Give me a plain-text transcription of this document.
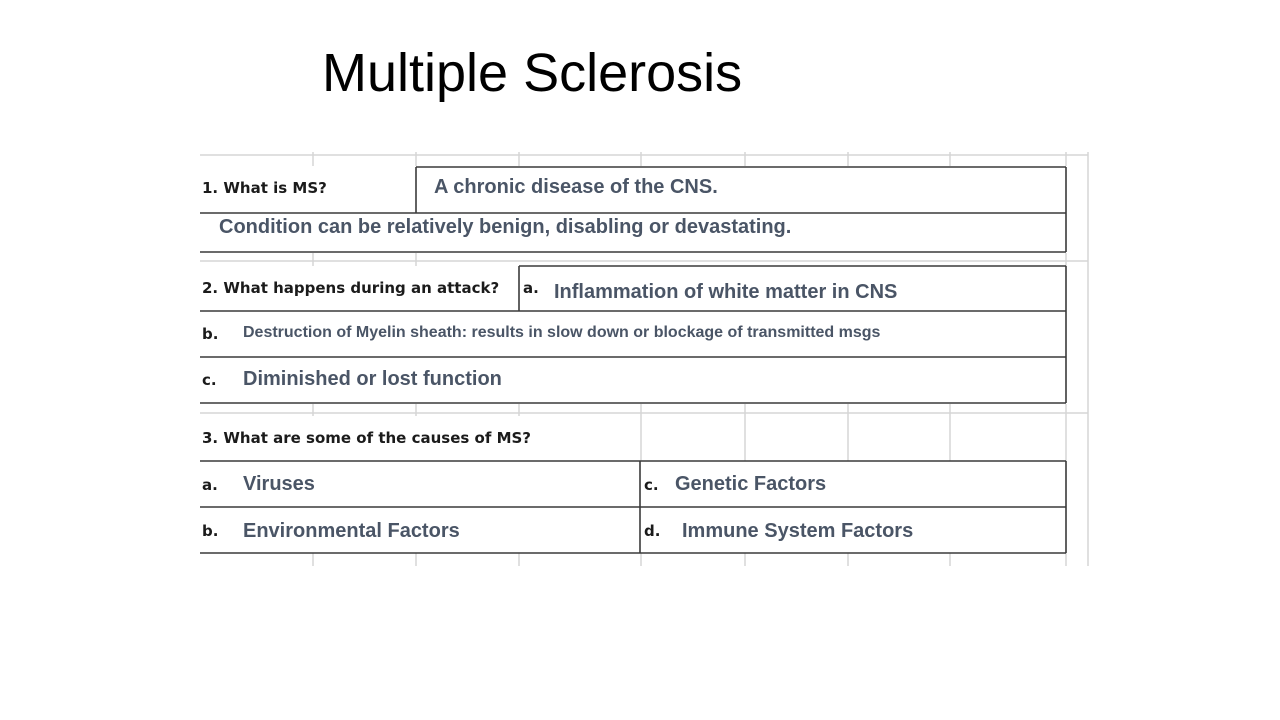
Multiple Sclerosis
1. What is MS?	A chronic disease of the CNS.
Condition can be relatively benign, disabling or devastating.
2. What happens during an attack? a. Inflammation of white matter in CNS
b. Destruction of Myelin sheath: results in slow down or blockage of transmitted msgs
c. Diminished or lost function
3. What are some of the causes of MS?
a. Viruses	c. Genetic Factors
b. Environmental Factors	d. Immune System Factors
